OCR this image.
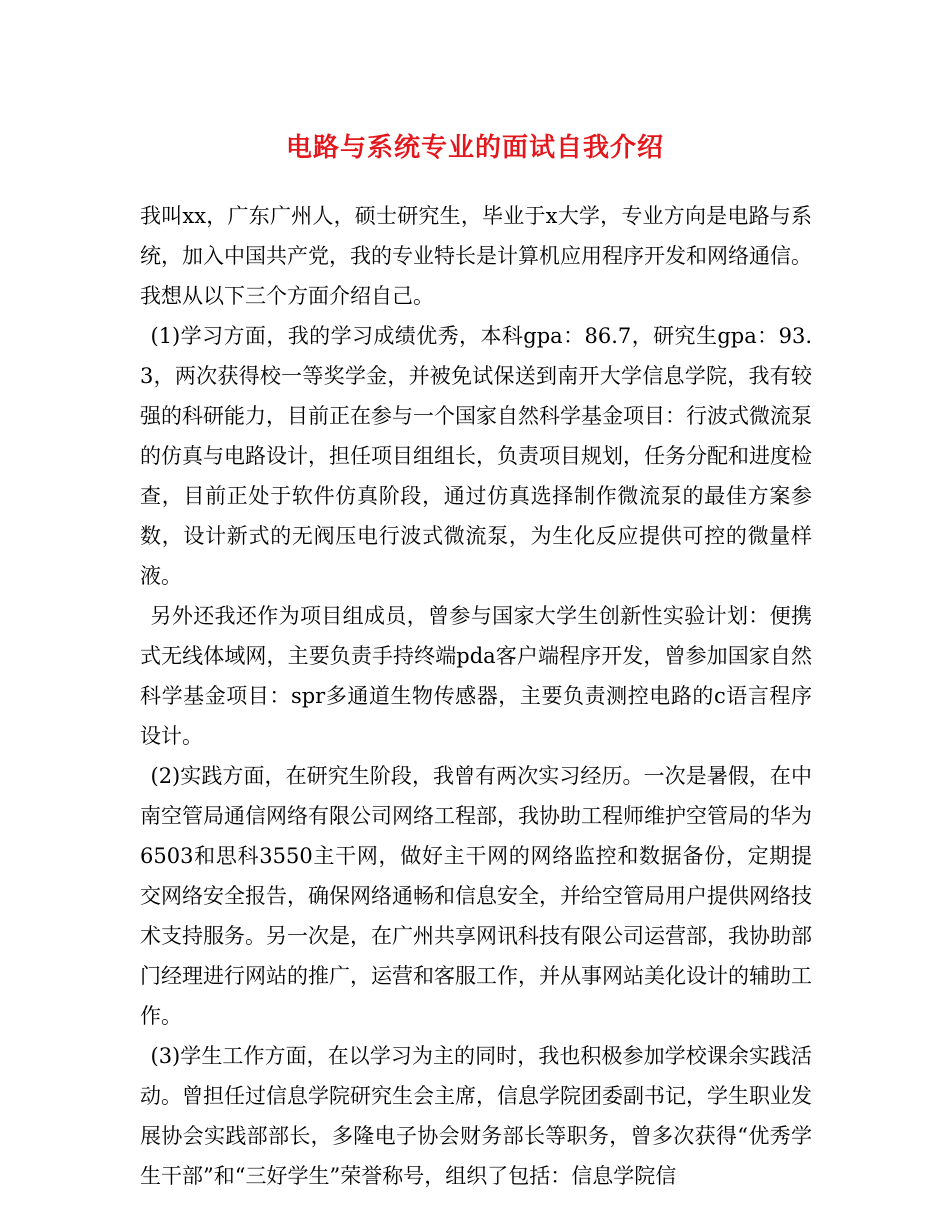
电路与系统专业的面试自我介绍

我叫xx，广东广州人，硕士研究生，毕业于x大学，专业方向是电路与系统，加入中国共产党，我的专业特长是计算机应用程序开发和网络通信。我想从以下三个方面介绍自己。

(1)学习方面，我的学习成绩优秀，本科gpa：86.7，研究生gpa：93.3，两次获得校一等奖学金，并被免试保送到南开大学信息学院，我有较强的科研能力，目前正在参与一个国家自然科学基金项目：行波式微流泵的仿真与电路设计，担任项目组组长，负责项目规划，任务分配和进度检查，目前正处于软件仿真阶段，通过仿真选择制作微流泵的最佳方案参数，设计新式的无阀压电行波式微流泵，为生化反应提供可控的微量样液。

另外还我还作为项目组成员，曾参与国家大学生创新性实验计划：便携式无线体域网，主要负责手持终端pda客户端程序开发，曾参加国家自然科学基金项目：spr多通道生物传感器，主要负责测控电路的c语言程序设计。

(2)实践方面，在研究生阶段，我曾有两次实习经历。一次是暑假，在中南空管局通信网络有限公司网络工程部，我协助工程师维护空管局的华为6503和思科3550主干网，做好主干网的网络监控和数据备份，定期提交网络安全报告，确保网络通畅和信息安全，并给空管局用户提供网络技术支持服务。另一次是，在广州共享网讯科技有限公司运营部，我协助部门经理进行网站的推广，运营和客服工作，并从事网站美化设计的辅助工作。

(3)学生工作方面，在以学习为主的同时，我也积极参加学校课余实践活动。曾担任过信息学院研究生会主席，信息学院团委副书记，学生职业发展协会实践部部长，多隆电子协会财务部长等职务，曾多次获得“优秀学生干部”和“三好学生”荣誉称号，组织了包括：信息学院信
